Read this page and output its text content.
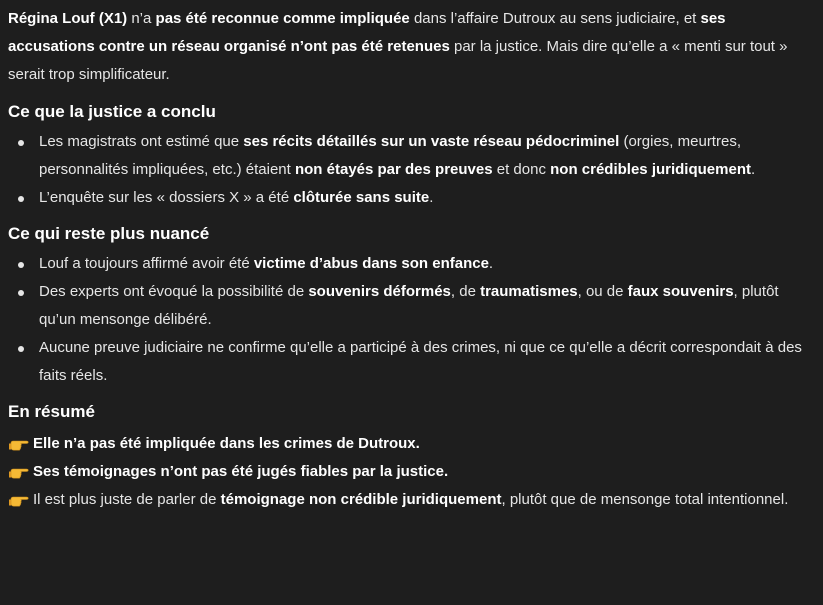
Régina Louf (X1) n’a pas été reconnue comme impliquée dans l’affaire Dutroux au sens judiciaire, et ses accusations contre un réseau organisé n’ont pas été retenues par la justice. Mais dire qu’elle a « menti sur tout » serait trop simplificateur.

Ce que la justice a conclu
Les magistrats ont estimé que ses récits détaillés sur un vaste réseau pédocriminel (orgies, meurtres, personnalités impliquées, etc.) étaient non étayés par des preuves et donc non crédibles juridiquement.
L’enquête sur les « dossiers X » a été clôturée sans suite.
Ce qui reste plus nuancé
Louf a toujours affirmé avoir été victime d’abus dans son enfance.
Des experts ont évoqué la possibilité de souvenirs déformés, de traumatismes, ou de faux souvenirs, plutôt qu’un mensonge délibéré.
Aucune preuve judiciaire ne confirme qu’elle a participé à des crimes, ni que ce qu’elle a décrit correspondait à des faits réels.
En résumé
Elle n’a pas été impliquée dans les crimes de Dutroux.
Ses témoignages n’ont pas été jugés fiables par la justice.
Il est plus juste de parler de témoignage non crédible juridiquement, plutôt que de mensonge total intentionnel.
